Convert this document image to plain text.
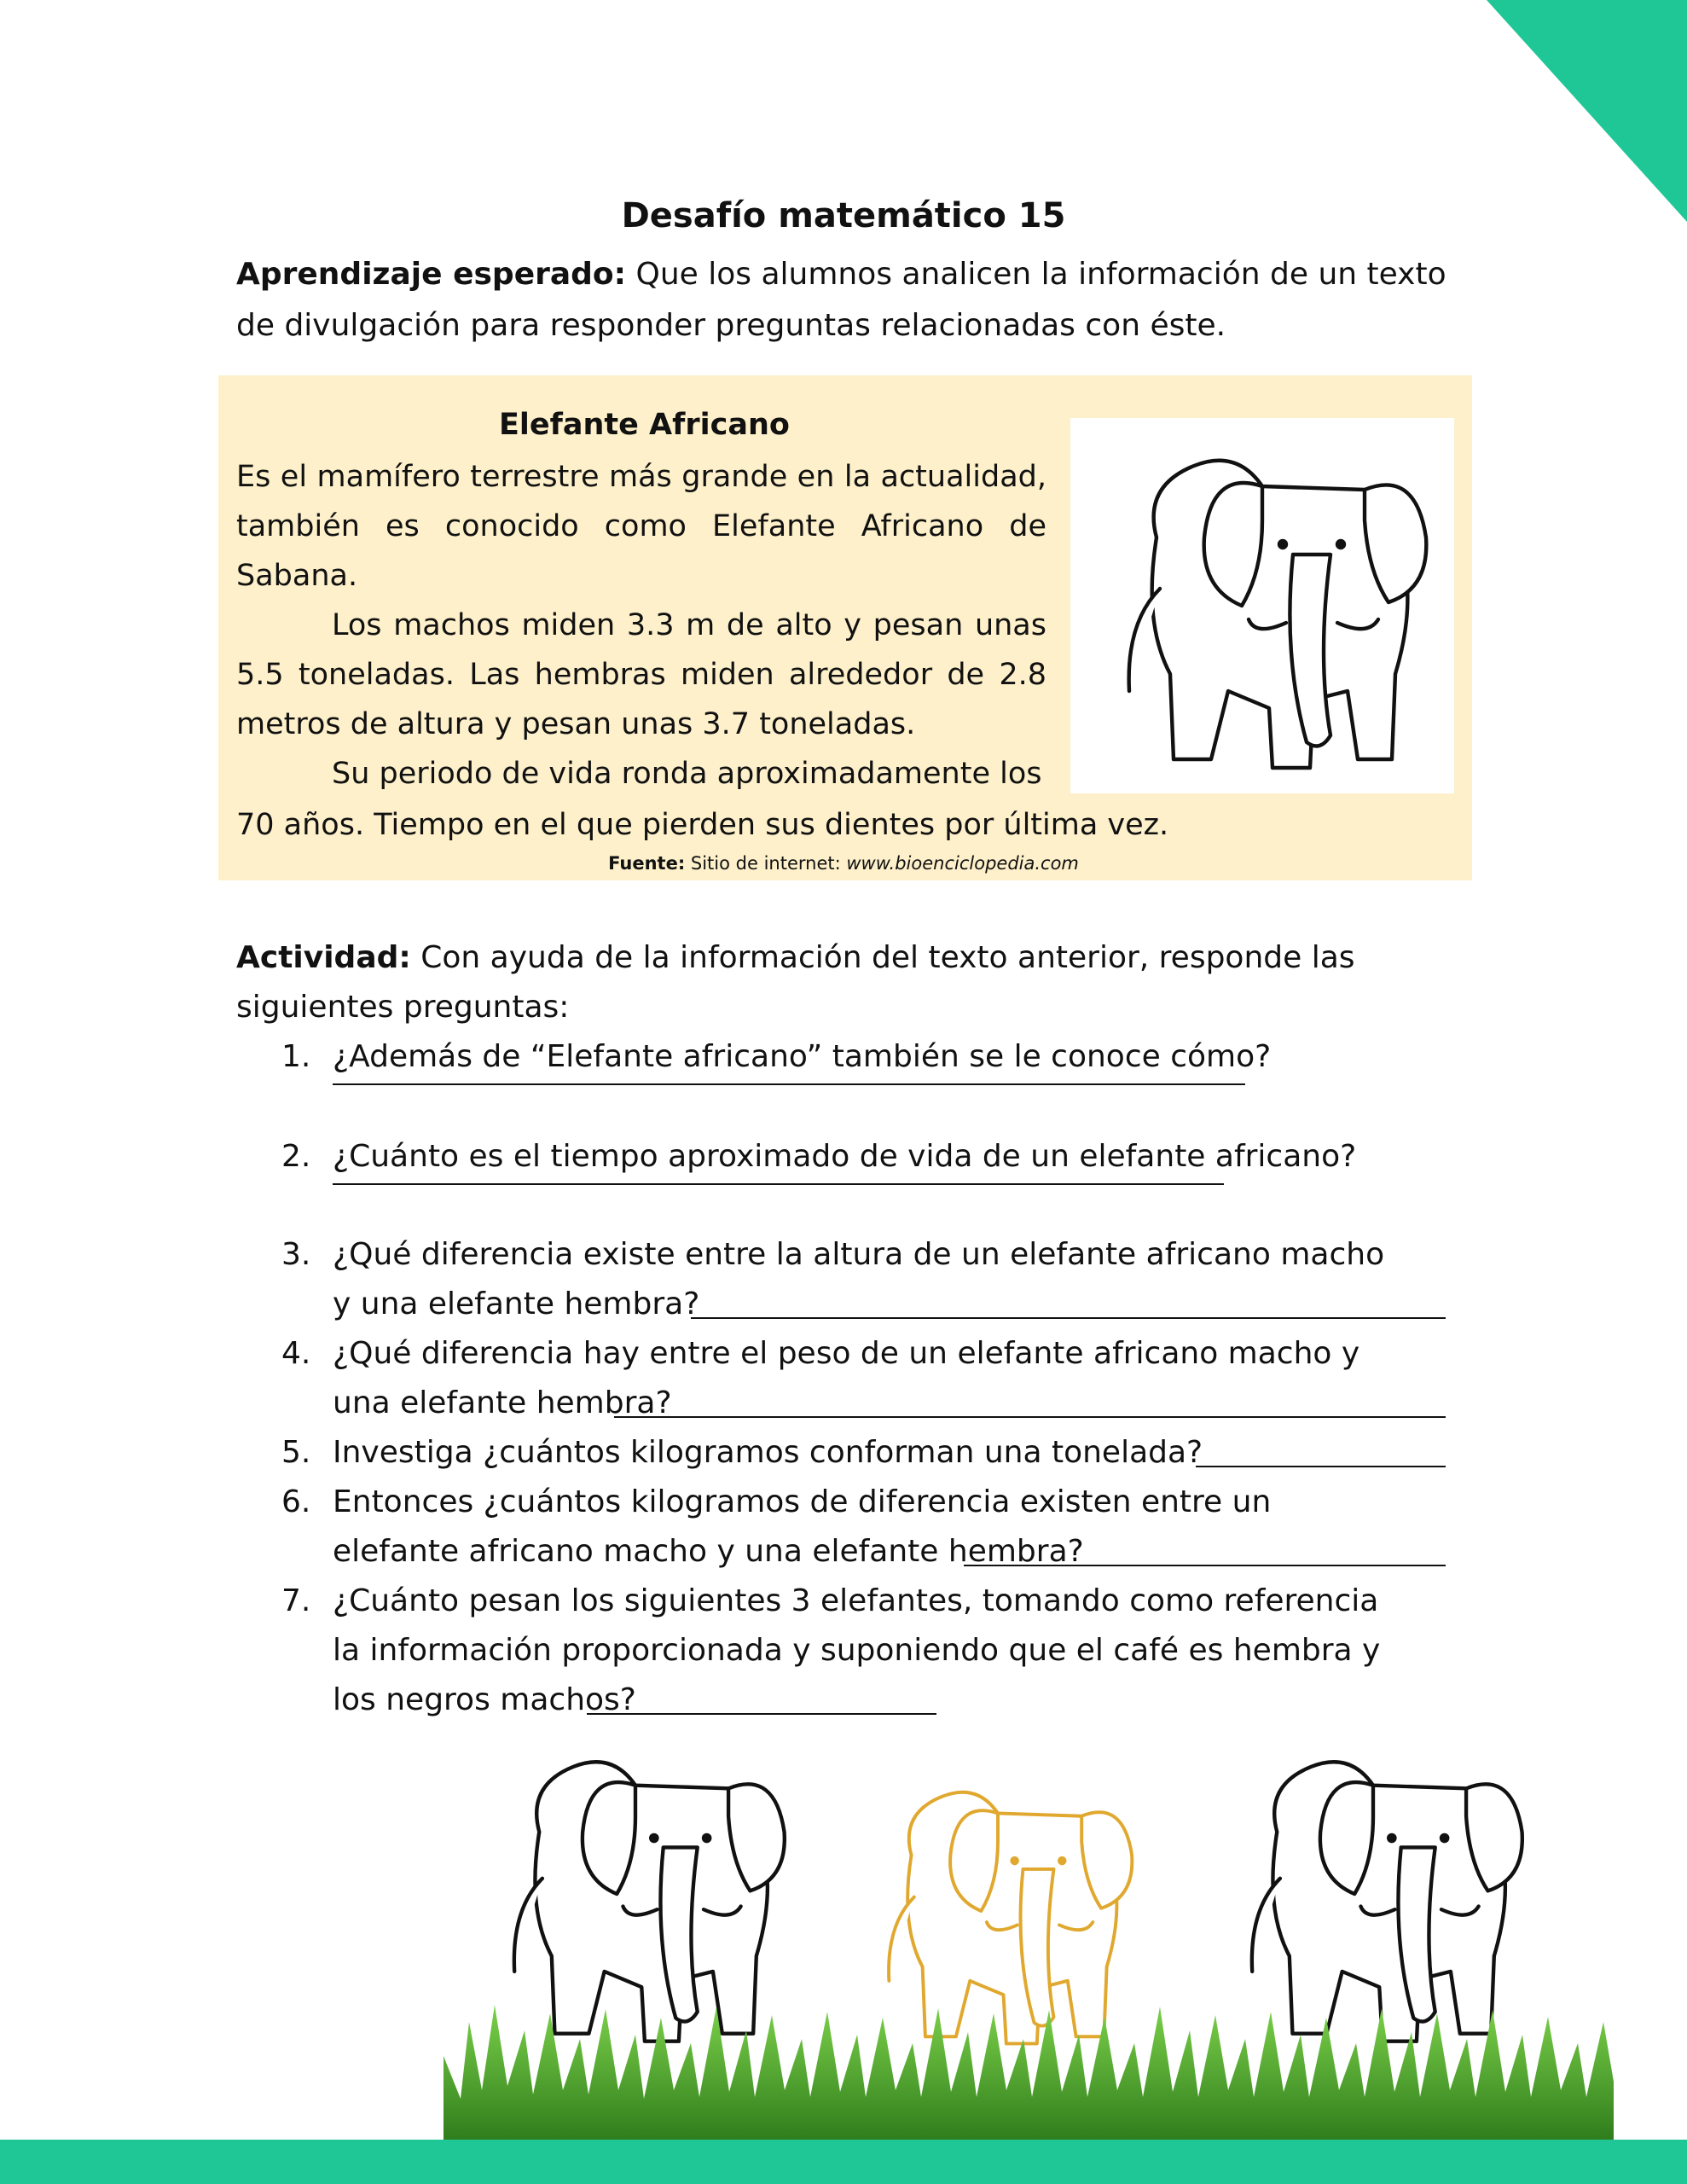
Desafío matemático 15
Aprendizaje esperado: Que los alumnos analicen la información de un texto de divulgación para responder preguntas relacionadas con éste.
Elefante Africano

Es el mamífero terrestre más grande en la actualidad, también es conocido como Elefante Africano de Sabana.

Los machos miden 3.3 m de alto y pesan unas 5.5 toneladas. Las hembras miden alrededor de 2.8 metros de altura y pesan unas 3.7 toneladas.

Su periodo de vida ronda aproximadamente los

70 años. Tiempo en el que pierden sus dientes por última vez.
Fuente: Sitio de internet: www.bioenciclopedia.com
Actividad: Con ayuda de la información del texto anterior, responde las siguientes preguntas:
1. ¿Además de “Elefante africano” también se le conoce cómo?
2. ¿Cuánto es el tiempo aproximado de vida de un elefante africano?
3. ¿Qué diferencia existe entre la altura de un elefante africano macho y una elefante hembra?
4. ¿Qué diferencia hay entre el peso de un elefante africano macho y una elefante hembra?
5. Investiga ¿cuántos kilogramos conforman una tonelada?
6. Entonces ¿cuántos kilogramos de diferencia existen entre un elefante africano macho y una elefante hembra?
7. ¿Cuánto pesan los siguientes 3 elefantes, tomando como referencia la información proporcionada y suponiendo que el café es hembra y los negros machos?
